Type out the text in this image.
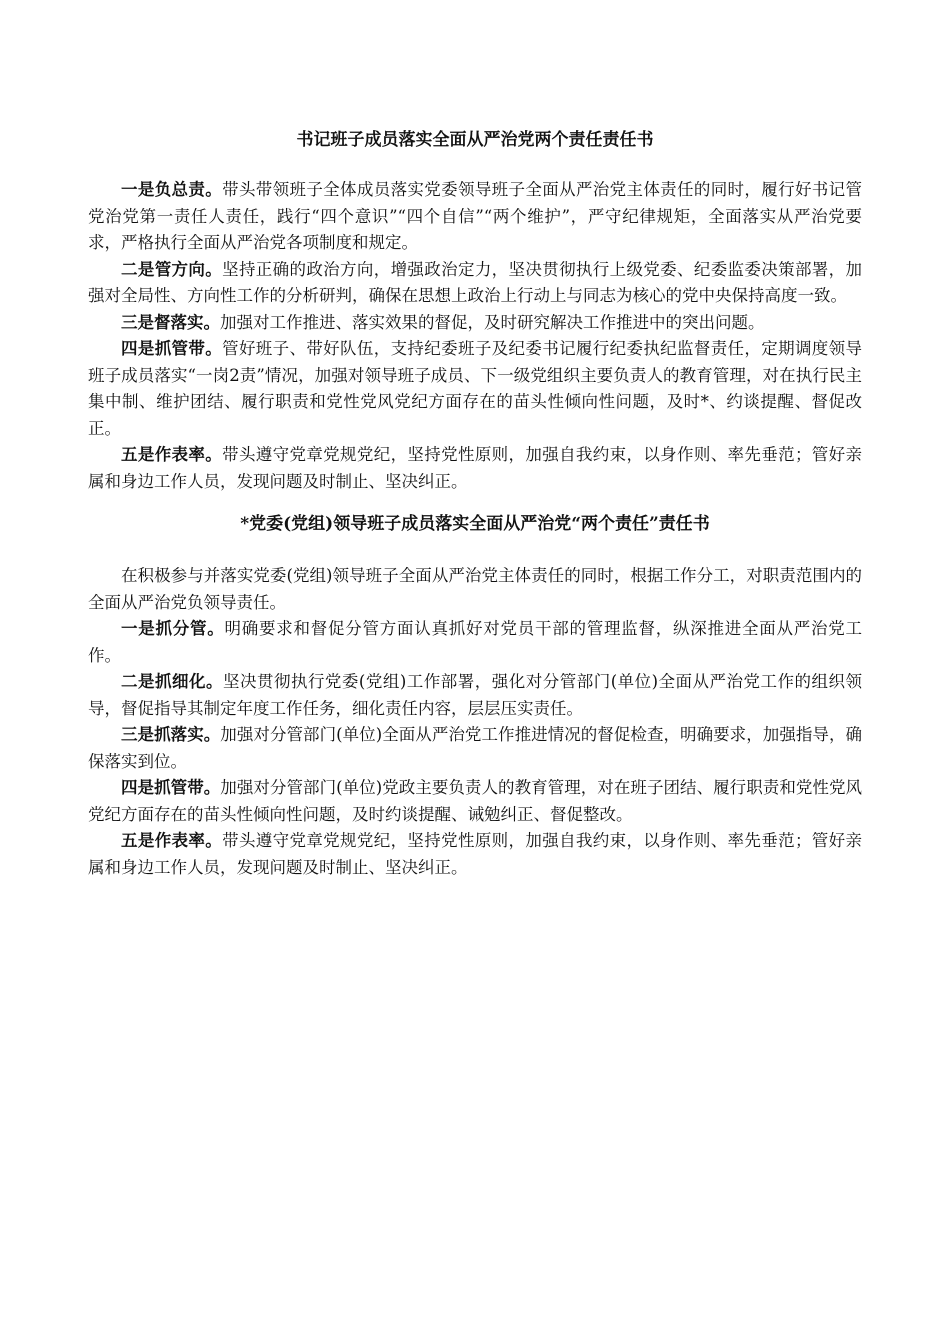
书记班子成员落实全面从严治党两个责任责任书

一是负总责。带头带领班子全体成员落实党委领导班子全面从严治党主体责任的同时，履行好书记管党治党第一责任人责任，践行“四个意识”“四个自信”“两个维护”，严守纪律规矩，全面落实从严治党要求，严格执行全面从严治党各项制度和规定。

二是管方向。坚持正确的政治方向，增强政治定力，坚决贯彻执行上级党委、纪委监委决策部署，加强对全局性、方向性工作的分析研判，确保在思想上政治上行动上与同志为核心的党中央保持高度一致。

三是督落实。加强对工作推进、落实效果的督促，及时研究解决工作推进中的突出问题。

四是抓管带。管好班子、带好队伍，支持纪委班子及纪委书记履行纪委执纪监督责任，定期调度领导班子成员落实“一岗2责”情况，加强对领导班子成员、下一级党组织主要负责人的教育管理，对在执行民主集中制、维护团结、履行职责和党性党风党纪方面存在的苗头性倾向性问题，及时*、约谈提醒、督促改正。

五是作表率。带头遵守党章党规党纪，坚持党性原则，加强自我约束，以身作则、率先垂范；管好亲属和身边工作人员，发现问题及时制止、坚决纠正。

*党委(党组)领导班子成员落实全面从严治党“两个责任”责任书

在积极参与并落实党委(党组)领导班子全面从严治党主体责任的同时，根据工作分工，对职责范围内的全面从严治党负领导责任。

一是抓分管。明确要求和督促分管方面认真抓好对党员干部的管理监督，纵深推进全面从严治党工作。

二是抓细化。坚决贯彻执行党委(党组)工作部署，强化对分管部门(单位)全面从严治党工作的组织领导，督促指导其制定年度工作任务，细化责任内容，层层压实责任。

三是抓落实。加强对分管部门(单位)全面从严治党工作推进情况的督促检查，明确要求，加强指导，确保落实到位。

四是抓管带。加强对分管部门(单位)党政主要负责人的教育管理，对在班子团结、履行职责和党性党风党纪方面存在的苗头性倾向性问题，及时约谈提醒、诫勉纠正、督促整改。

五是作表率。带头遵守党章党规党纪，坚持党性原则，加强自我约束，以身作则、率先垂范；管好亲属和身边工作人员，发现问题及时制止、坚决纠正。
